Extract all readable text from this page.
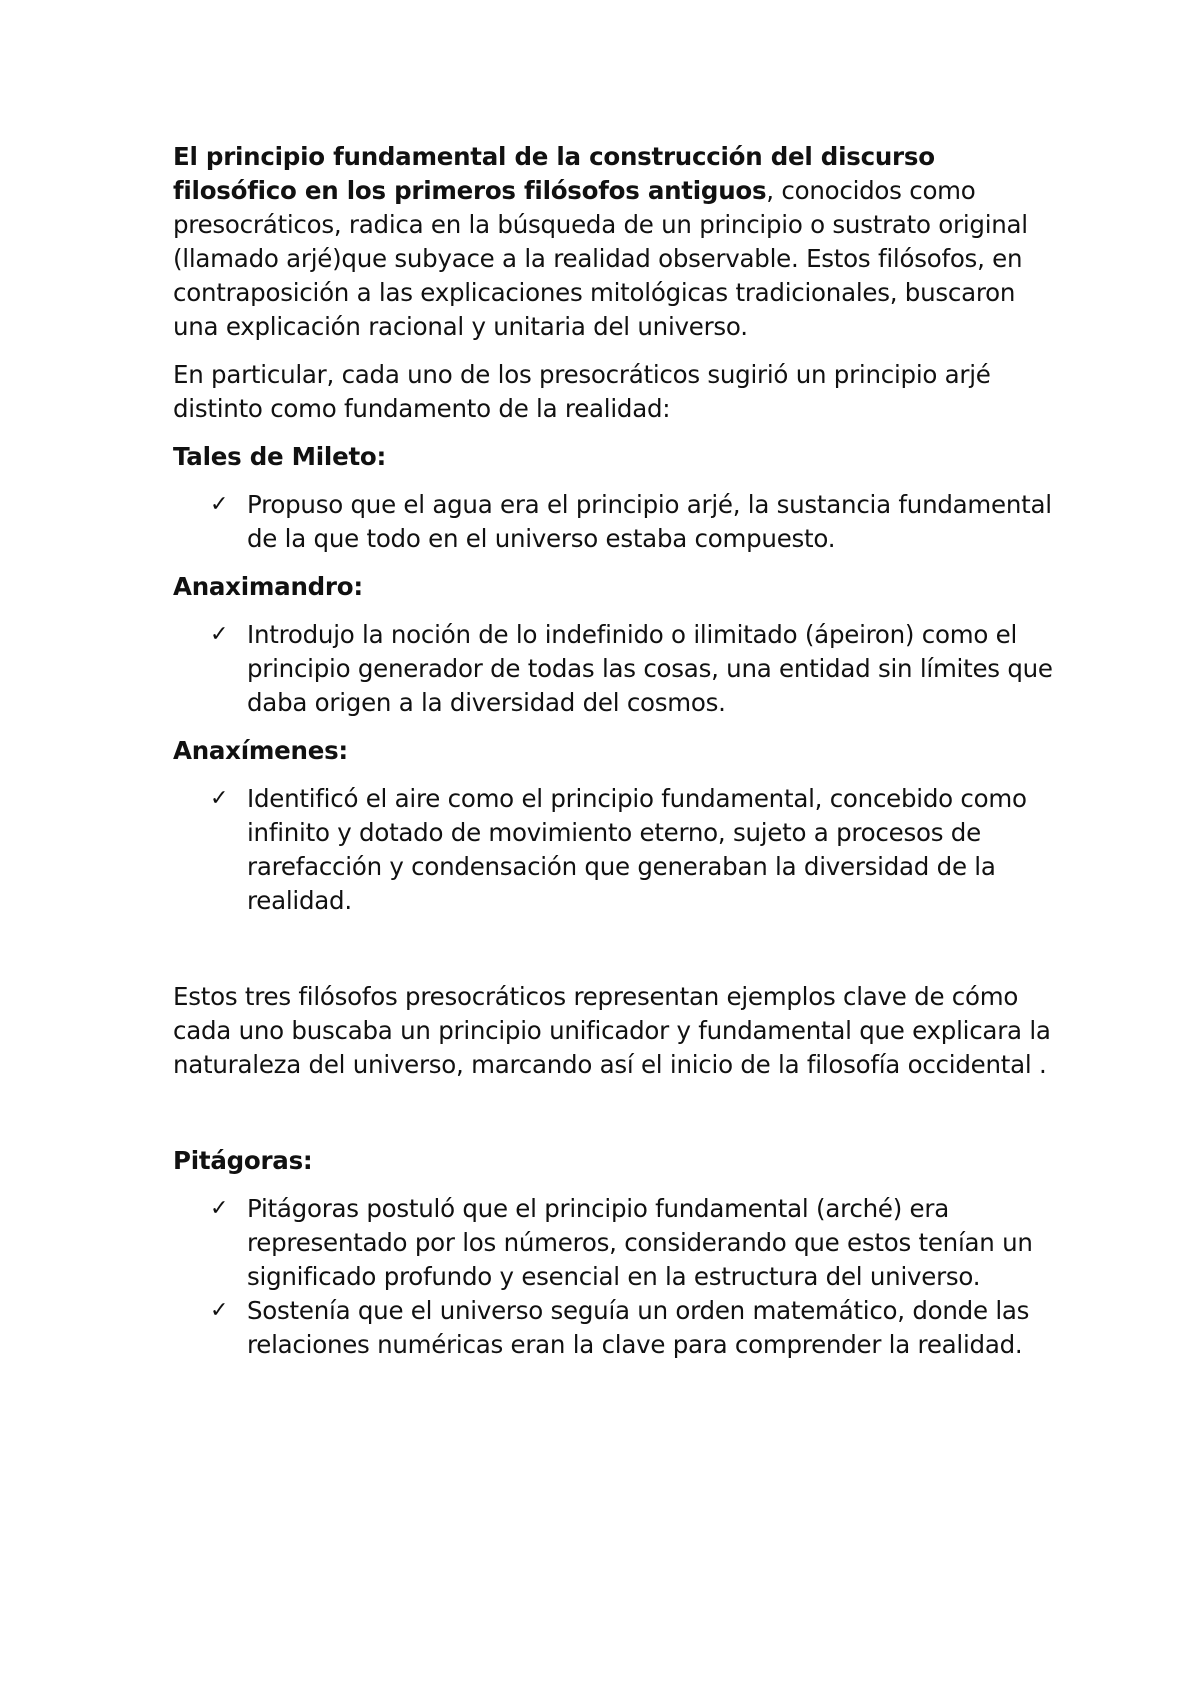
El principio fundamental de la construcción del discurso filosófico en los primeros filósofos antiguos, conocidos como presocráticos, radica en la búsqueda de un principio o sustrato original (llamado arjé)que subyace a la realidad observable. Estos filósofos, en contraposición a las explicaciones mitológicas tradicionales, buscaron una explicación racional y unitaria del universo.

En particular, cada uno de los presocráticos sugirió un principio arjé distinto como fundamento de la realidad:

Tales de Mileto:

✓ Propuso que el agua era el principio arjé, la sustancia fundamental de la que todo en el universo estaba compuesto.

Anaximandro:

✓ Introdujo la noción de lo indefinido o ilimitado (ápeiron) como el principio generador de todas las cosas, una entidad sin límites que daba origen a la diversidad del cosmos.

Anaxímenes:

✓ Identificó el aire como el principio fundamental, concebido como infinito y dotado de movimiento eterno, sujeto a procesos de rarefacción y condensación que generaban la diversidad de la realidad.

Estos tres filósofos presocráticos representan ejemplos clave de cómo cada uno buscaba un principio unificador y fundamental que explicara la naturaleza del universo, marcando así el inicio de la filosofía occidental .

Pitágoras:

✓ Pitágoras postuló que el principio fundamental (arché) era representado por los números, considerando que estos tenían un significado profundo y esencial en la estructura del universo.
✓ Sostenía que el universo seguía un orden matemático, donde las relaciones numéricas eran la clave para comprender la realidad.
